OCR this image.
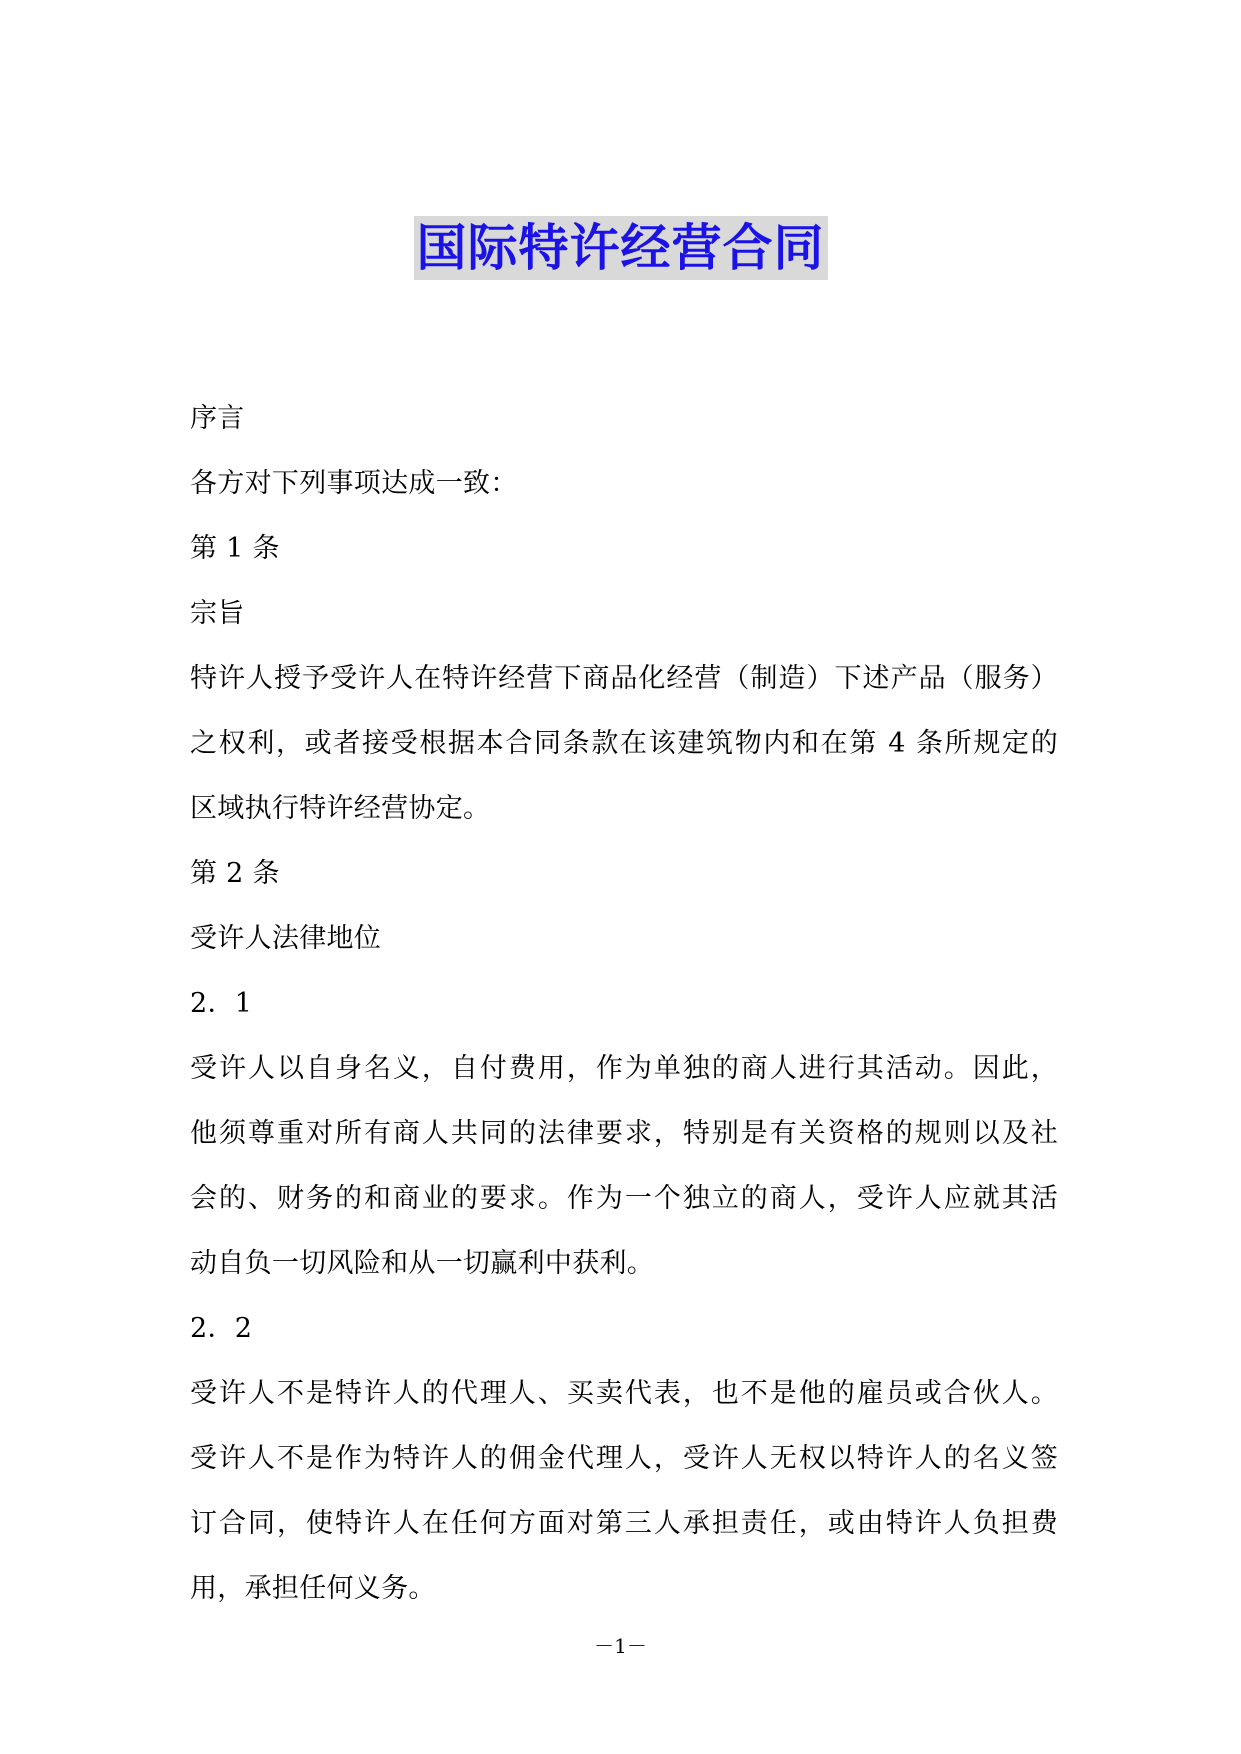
国际特许经营合同
序言
各方对下列事项达成一致：
第 1 条
宗旨
特许人授予受许人在特许经营下商品化经营（制造）下述产品（服务）
之权利，或者接受根据本合同条款在该建筑物内和在第 4 条所规定的
区域执行特许经营协定。
第 2 条
受许人法律地位
2．1
受许人以自身名义，自付费用，作为单独的商人进行其活动。因此，
他须尊重对所有商人共同的法律要求，特别是有关资格的规则以及社
会的、财务的和商业的要求。作为一个独立的商人，受许人应就其活
动自负一切风险和从一切赢利中获利。
2．2
受许人不是特许人的代理人、买卖代表，也不是他的雇员或合伙人。
受许人不是作为特许人的佣金代理人，受许人无权以特许人的名义签
订合同，使特许人在任何方面对第三人承担责任，或由特许人负担费
用，承担任何义务。
－1－
